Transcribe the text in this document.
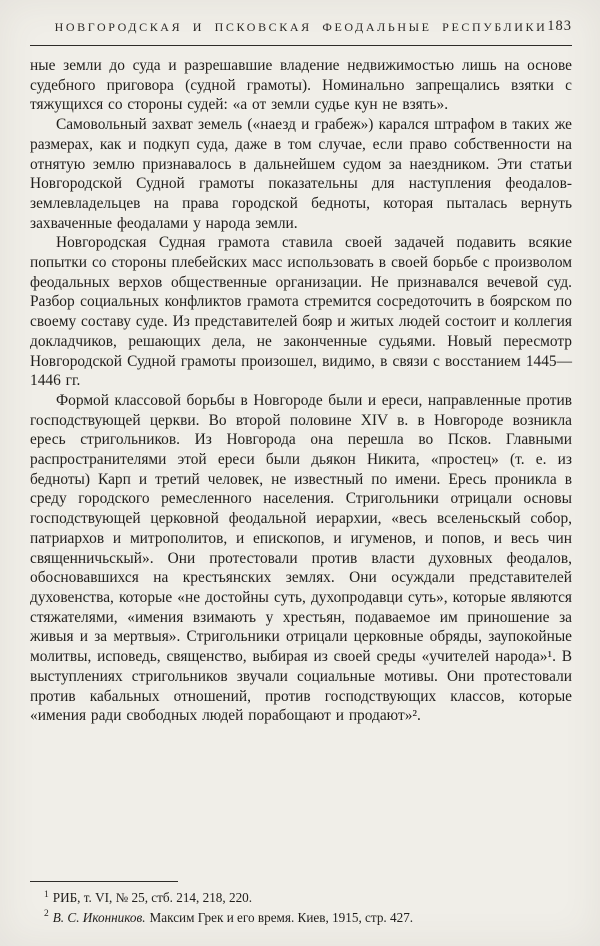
НОВГОРОДСКАЯ И ПСКОВСКАЯ ФЕОДАЛЬНЫЕ РЕСПУБЛИКИ 183

ные земли до суда и разрешавшие владение недвижимостью лишь на основе судебного приговора (судной грамоты). Номинально запрещались взятки с тяжущихся со стороны судей: «а от земли судье кун не взять».

Самовольный захват земель («наезд и грабеж») карался штрафом в таких же размерах, как и подкуп суда, даже в том случае, если право собственности на отнятую землю признавалось в дальнейшем судом за наездником. Эти статьи Новгородской Судной грамоты показательны для наступления феодалов-землевладельцев на права городской бедноты, которая пыталась вернуть захваченные феодалами у народа земли.

Новгородская Судная грамота ставила своей задачей подавить всякие попытки со стороны плебейских масс использовать в своей борьбе с произволом феодальных верхов общественные организации. Не признавался вечевой суд. Разбор социальных конфликтов грамота стремится сосредоточить в боярском по своему составу суде. Из представителей бояр и житых людей состоит и коллегия докладчиков, решающих дела, не законченные судьями. Новый пересмотр Новгородской Судной грамоты произошел, видимо, в связи с восстанием 1445—1446 гг.

Формой классовой борьбы в Новгороде были и ереси, направленные против господствующей церкви. Во второй половине XIV в. в Новгороде возникла ересь стригольников. Из Новгорода она перешла во Псков. Главными распространителями этой ереси были дьякон Никита, «простец» (т. е. из бедноты) Карп и третий человек, не известный по имени. Ересь проникла в среду городского ремесленного населения. Стригольники отрицали основы господствующей церковной феодальной иерархии, «весь вселеньскый собор, патриархов и митрополитов, и епископов, и игуменов, и попов, и весь чин священничьскый». Они протестовали против власти духовных феодалов, обосновавшихся на крестьянских землях. Они осуждали представителей духовенства, которые «не достойны суть, духопродавци суть», которые являются стяжателями, «имения взимають у хрестьян, подаваемое им приношение за живыя и за мертвыя». Стригольники отрицали церковные обряды, заупокойные молитвы, исповедь, священство, выбирая из своей среды «учителей народа»¹. В выступлениях стригольников звучали социальные мотивы. Они протестовали против кабальных отношений, против господствующих классов, которые «имения ради свободных людей порабощают и продают»².

$^1$ РИБ, т. VI, № 25, стб. 214, 218, 220.

$^2$ В. С. Иконников. Максим Грек и его время. Киев, 1915, стр. 427.
